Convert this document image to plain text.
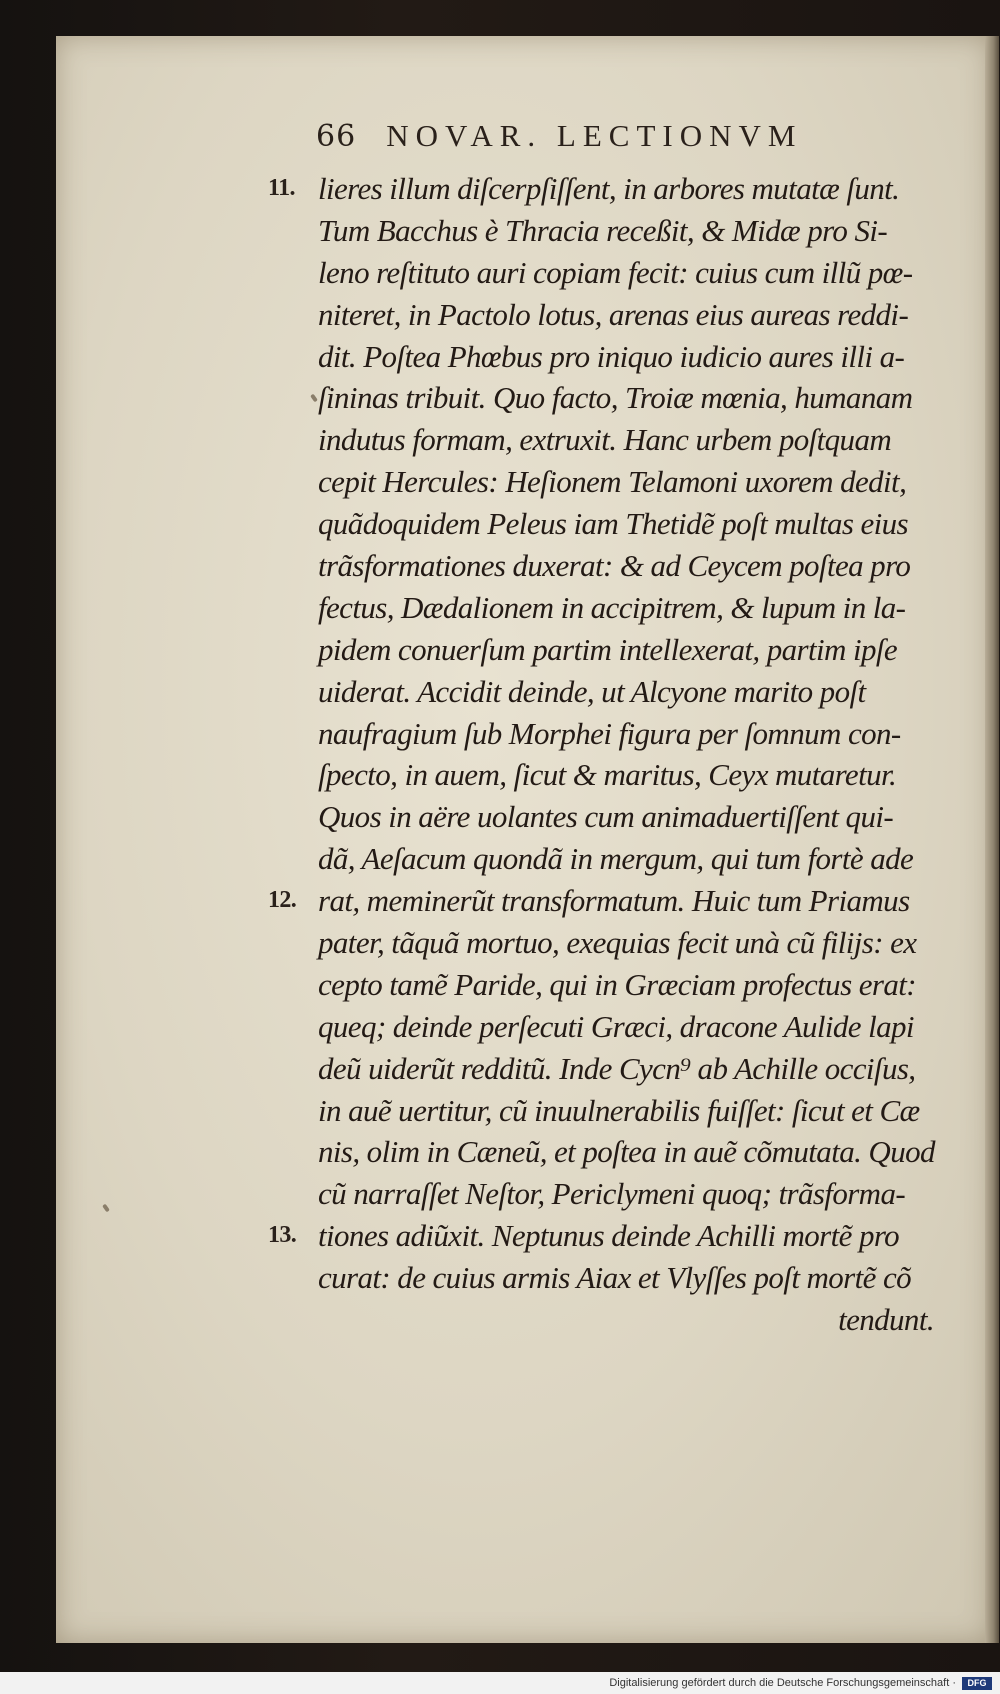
66 NOVAR. LECTIONVM
11. lieres illum diſcerpſiſſent, in arbores mutatæ ſunt.
Tum Bacchus è Thracia receßit, & Midæ pro Si-
leno reſtituto auri copiam fecit: cuius cum illũ pœ-
niteret, in Pactolo lotus, arenas eius aureas reddi-
dit. Poſtea Phœbus pro iniquo iudicio aures illi a-
ſininas tribuit. Quo facto, Troiæ mœnia, humanam
indutus formam, extruxit. Hanc urbem poſtquam
cepit Hercules: Heſionem Telamoni uxorem dedit,
quãdoquidem Peleus iam Thetidẽ poſt multas eius
trãsformationes duxerat: & ad Ceycem poſtea pro
fectus, Dædalionem in accipitrem, & lupum in la-
pidem conuerſum partim intellexerat, partim ipſe
uiderat. Accidit deinde, ut Alcyone marito poſt
naufragium ſub Morphei figura per ſomnum con-
ſpecto, in auem, ſicut & maritus, Ceyx mutaretur.
Quos in aëre uolantes cum animaduertiſſent qui-
dã, Aeſacum quondã in mergum, qui tum fortè ade
12. rat, meminerũt transformatum. Huic tum Priamus
pater, tãquã mortuo, exequias fecit unà cũ filijs: ex
cepto tamẽ Paride, qui in Græciam profectus erat:
queq; deinde perſecuti Græci, dracone Aulide lapi
deũ uiderũt redditũ. Inde Cycn⁹ ab Achille occiſus,
in auẽ uertitur, cũ inuulnerabilis fuiſſet: ſicut et Cæ
nis, olim in Cæneũ, et poſtea in auẽ cõmutata. Quod
cũ narraſſet Neſtor, Periclymeni quoq; trãsforma-
13. tiones adiũxit. Neptunus deinde Achilli mortẽ pro
curat: de cuius armis Aiax et Vlyſſes poſt mortẽ cõ
tendunt.
Digitalisierung gefördert durch die Deutsche Forschungsgemeinschaft ·	DFG
